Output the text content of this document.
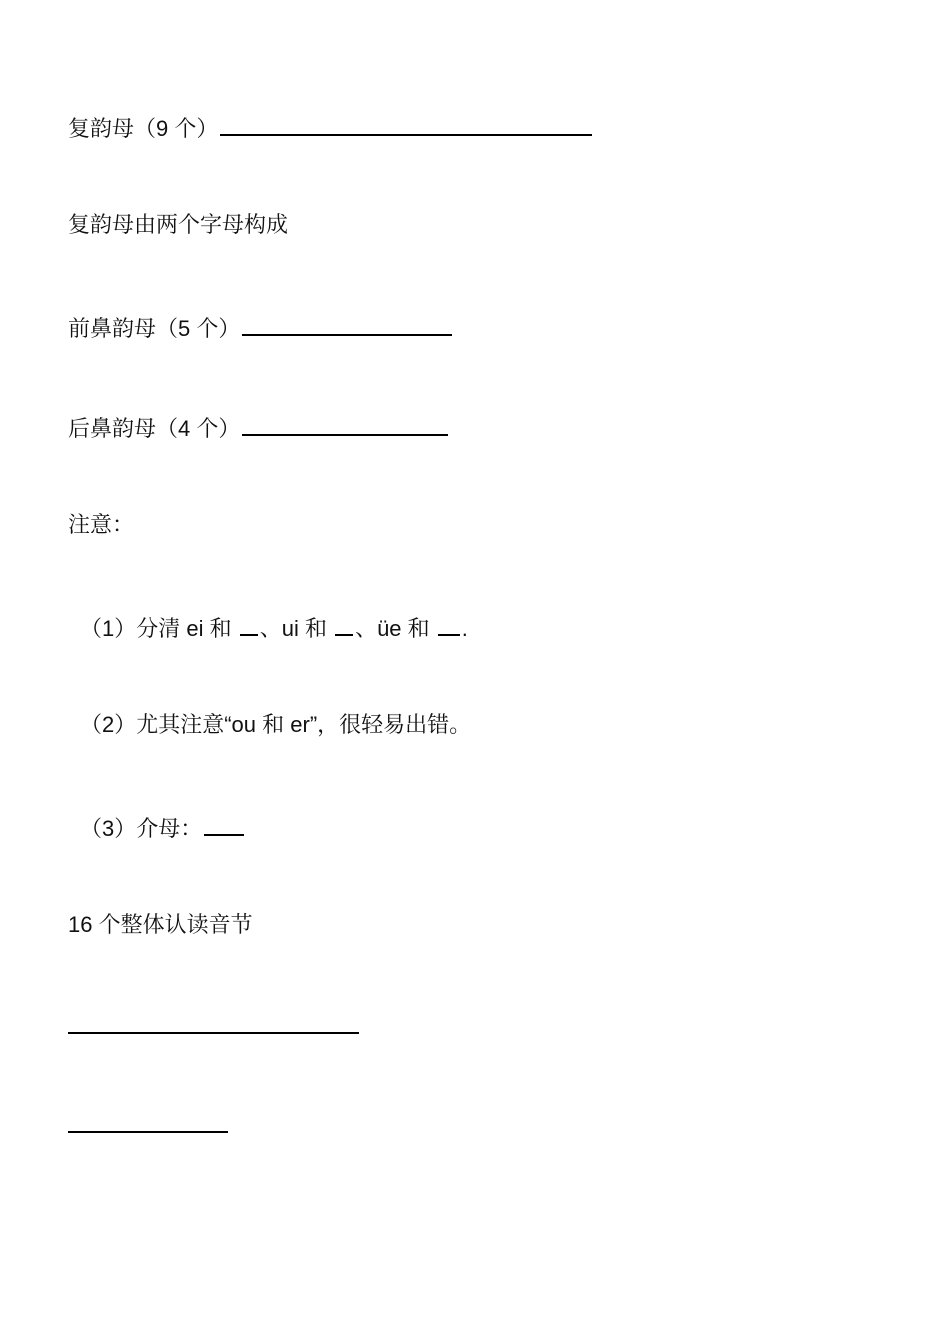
复韵母（9 个）
复韵母由两个字母构成
前鼻韵母（5 个）
后鼻韵母（4 个）
注意：
（1）分清 ei 和 、ui 和 、üe 和 .
（2）尤其注意“ou 和 er”，很轻易出错。
（3）介母：
16 个整体认读音节
